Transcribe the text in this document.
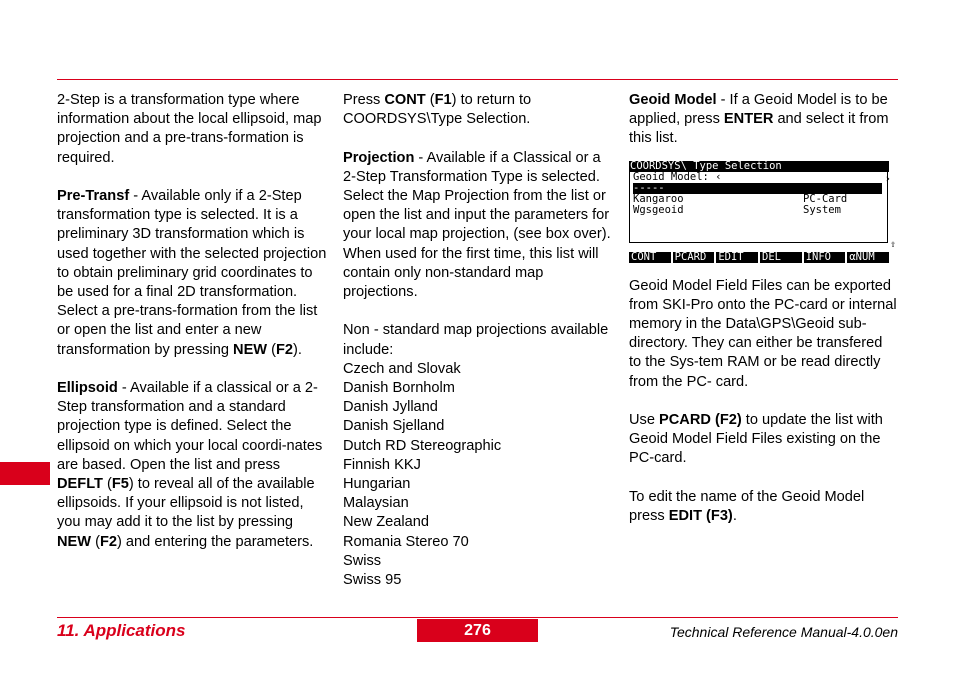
2-Step is a transformation type where information about the local ellipsoid, map projection and a pre-trans-formation is required.

Pre-Transf - Available only if a 2-Step transformation type is selected. It is a preliminary 3D transformation which is used together with the selected projection to obtain preliminary grid coordinates to be used for a final 2D transformation. Select a pre-trans-formation from the list or open the list and enter a new transformation by pressing NEW (F2).

Ellipsoid - Available if a classical or a 2-Step transformation and a standard projection type is defined. Select the ellipsoid on which your local coordi-nates are based. Open the list and press DEFLT (F5) to reveal all of the available ellipsoids. If your ellipsoid is not listed, you may add it to the list by pressing NEW (F2) and entering the parameters.

Press CONT (F1) to return to COORDSYS\Type Selection.

Projection - Available if a Classical or a 2-Step Transformation Type is selected. Select the Map Projection from the list or open the list and input the parameters for your local map projection, (see box over). When used for the first time, this list will contain only non-standard map projections.

Non - standard map projections available include:
Czech and Slovak
Danish Bornholm
Danish Jylland
Danish Sjelland
Dutch RD Stereographic
Finnish KKJ
Hungarian
Malaysian
New Zealand
Romania Stereo 70
Swiss
Swiss 95
Geoid Model - If a Geoid Model is to be applied, press ENTER and select it from this list.
COORDSYS\ Type Selection
Geoid Model: ‹	›
-----
Kangaroo	PC-Card
Wgsgeoid	System
⇧
CONT	PCARD	EDIT	DEL	INFO	αNUM

Geoid Model Field Files can be exported from SKI-Pro onto the PC-card or internal memory in the Data\GPS\Geoid sub-directory. They can either be transfered to the Sys-tem RAM or be read directly from the PC- card.

Use PCARD (F2) to update the list with Geoid Model Field Files existing on the PC-card.

To edit the name of the Geoid Model press EDIT (F3).

11. Applications	276	Technical Reference Manual-4.0.0en
